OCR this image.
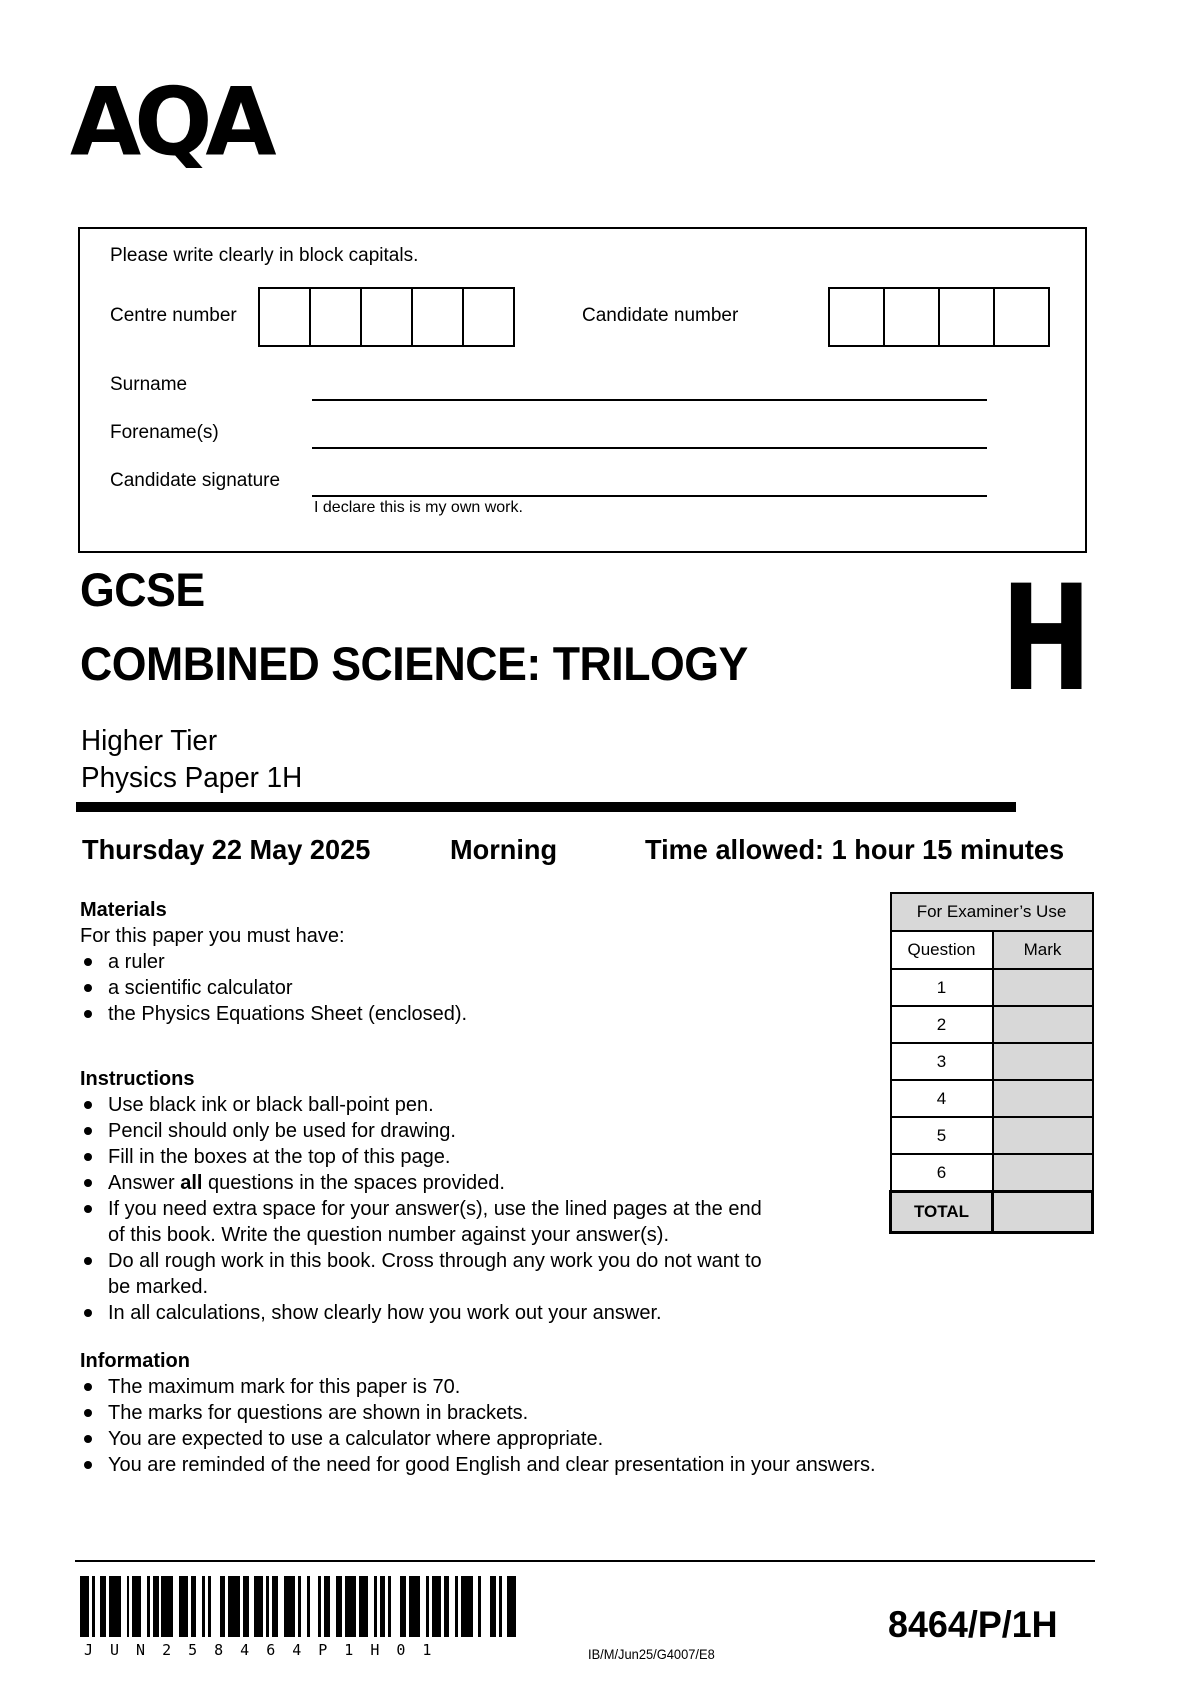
AQA
Please write clearly in block capitals.
Centre number	Candidate number
Surname
Forename(s)
Candidate signature
I declare this is my own work.
GCSE
COMBINED SCIENCE: TRILOGY H
Higher Tier
Physics Paper 1H
Thursday 22 May 2025	Morning	Time allowed: 1 hour 15 minutes
Materials
For this paper you must have:
a ruler
a scientific calculator
the Physics Equations Sheet (enclosed).
Instructions
Use black ink or black ball-point pen.
Pencil should only be used for drawing.
Fill in the boxes at the top of this page.
Answer all questions in the spaces provided.
If you need extra space for your answer(s), use the lined pages at the end of this book. Write the question number against your answer(s).
Do all rough work in this book. Cross through any work you do not want to be marked.
In all calculations, show clearly how you work out your answer.
Information
The maximum mark for this paper is 70.
The marks for questions are shown in brackets.
You are expected to use a calculator where appropriate.
You are reminded of the need for good English and clear presentation in your answers.
For Examiner’s Use	
Question	Mark
1	
2	
3	
4	
5	
6	
TOTAL	
JUN258464P1H01	IB/M/Jun25/G4007/E8
8464/P/1H
